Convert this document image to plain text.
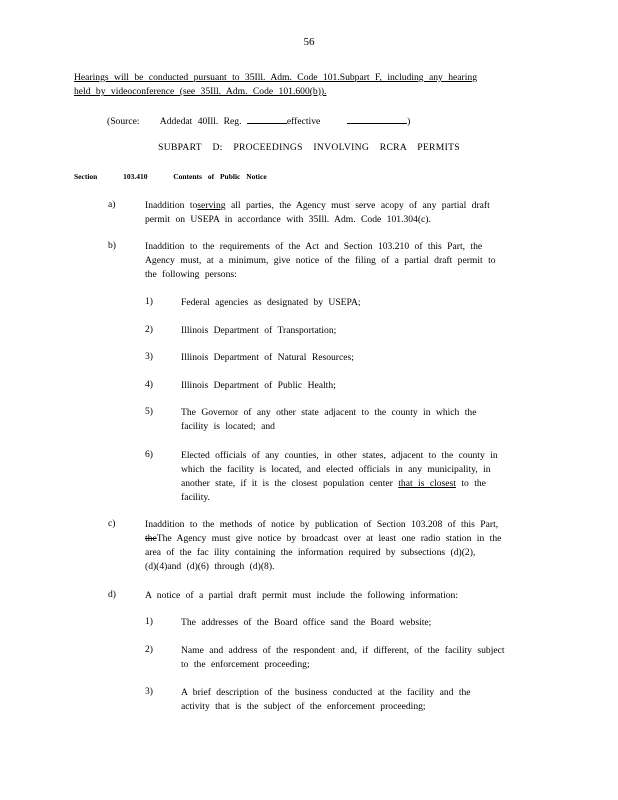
56
Hearings will be conducted pursuant to 35Ill. Adm. Code 101.Subpart F, including any hearing
held by videoconference (see 35Ill. Adm. Code 101.600(b)).
(Source: Addedat 40Ill. Reg.	effective	)
SUBPART D: PROCEEDINGS INVOLVING RCRA PERMITS
Section	103.410	Contents of Public Notice
a)	Inaddition toserving all parties, the Agency must serve acopy of any partial draft
permit on USEPA in accordance with 35Ill. Adm. Code 101.304(c).
b)	Inaddition to the requirements of the Act and Section 103.210 of this Part, the
Agency must, at a minimum, give notice of the filing of a partial draft permit to
the following persons:
1)	Federal agencies as designated by USEPA;
2)	Illinois Department of Transportation;
3)	Illinois Department of Natural Resources;
4)	Illinois Department of Public Health;
5)	The Governor of any other state adjacent to the county in which the
facility is located; and
6)	Elected officials of any counties, in other states, adjacent to the county in
which the facility is located, and elected officials in any municipality, in
another state, if it is the closest population center that is closest to the
facility.
c)	Inaddition to the methods of notice by publication of Section 103.208 of this Part,
theThe Agency must give notice by broadcast over at least one radio station in the
area of the fac ility containing the information required by subsections (d)(2),
(d)(4)and (d)(6) through (d)(8).
d)	A notice of a partial draft permit must include the following information:
1)	The addresses of the Board office sand the Board website;
2)	Name and address of the respondent and, if different, of the facility subject
to the enforcement proceeding;
3)	A brief description of the business conducted at the facility and the
activity that is the subject of the enforcement proceeding;
